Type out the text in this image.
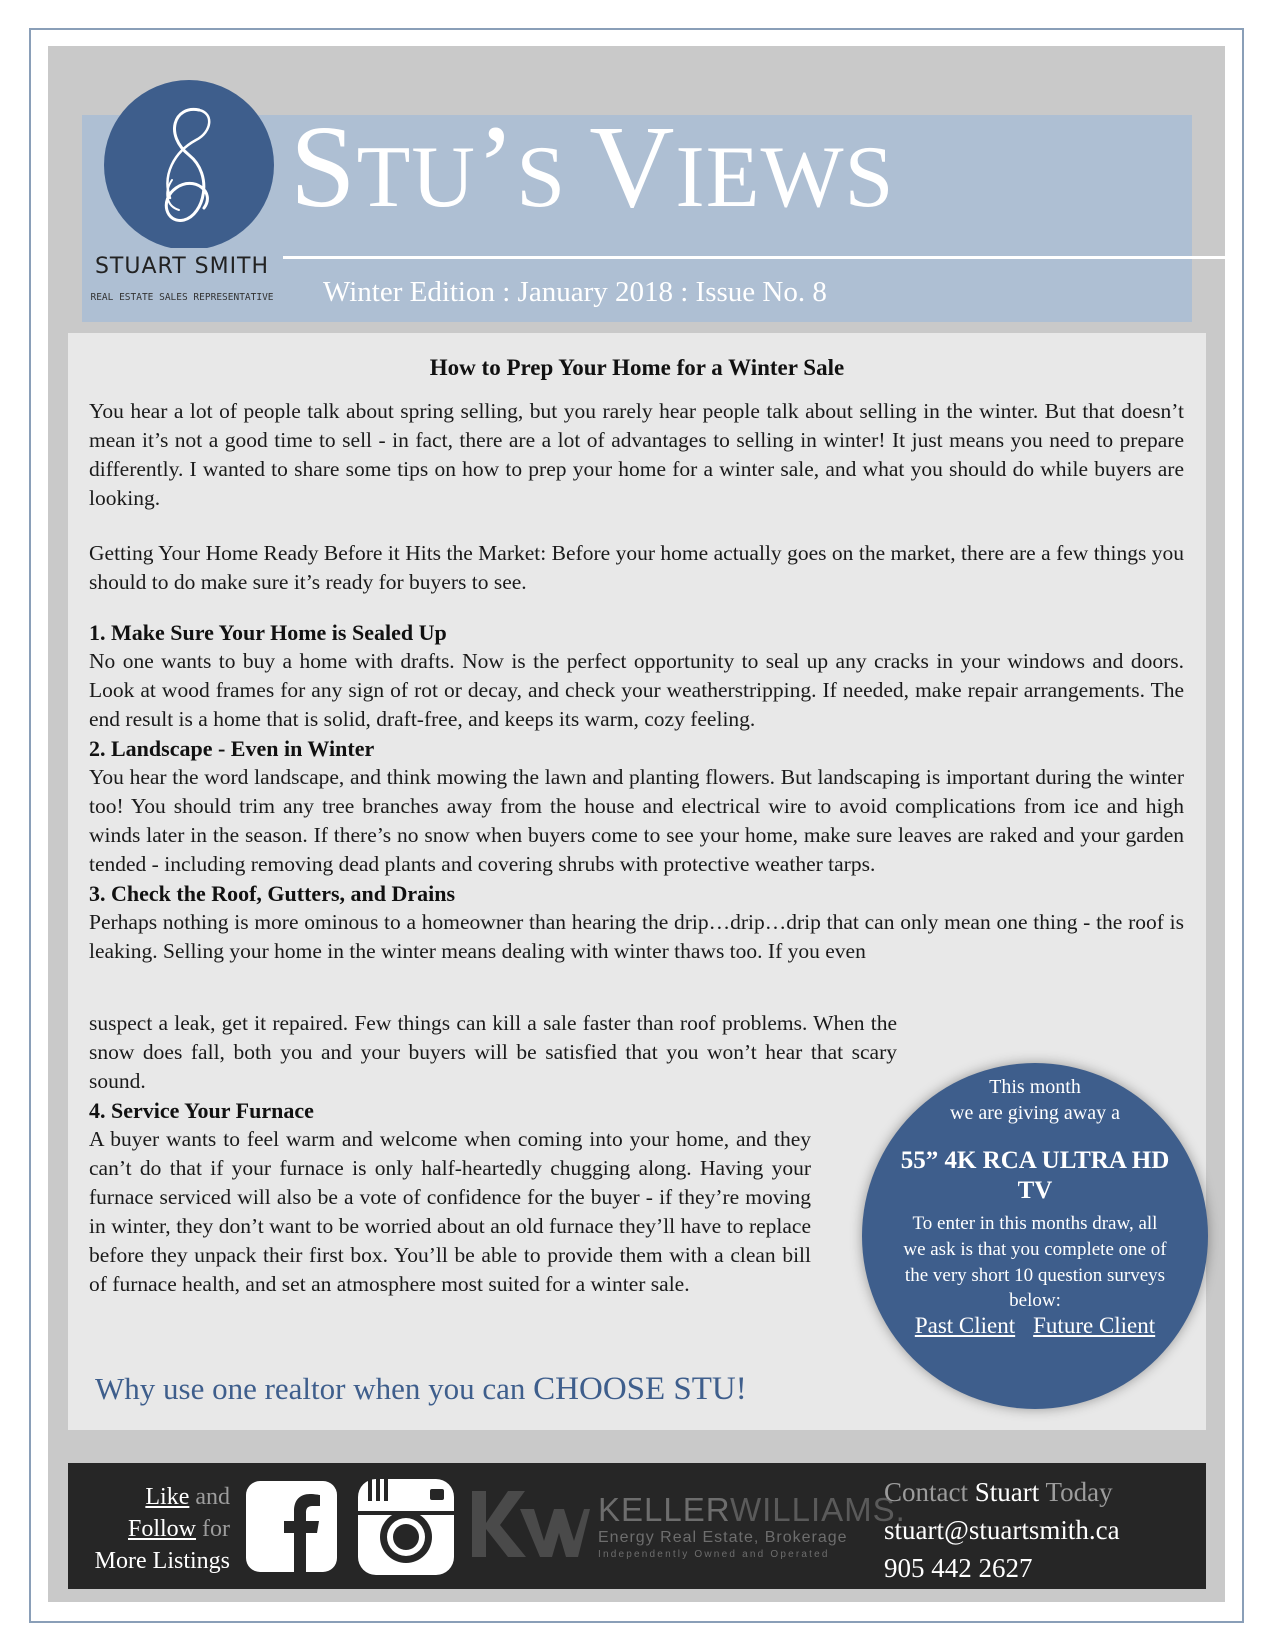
STUART SMITH
REAL ESTATE SALES REPRESENTATIVE
STU’S VIEWS
Winter Edition : January 2018 : Issue No. 8
How to Prep Your Home for a Winter Sale

You hear a lot of people talk about spring selling, but you rarely hear people talk about selling in the winter. But that doesn’t mean it’s not a good time to sell - in fact, there are a lot of advantages to selling in winter! It just means you need to prepare differently. I wanted to share some tips on how to prep your home for a winter sale, and what you should do while buyers are looking.

Getting Your Home Ready Before it Hits the Market: Before your home actually goes on the market, there are a few things you should to do make sure it’s ready for buyers to see.

1. Make Sure Your Home is Sealed Up

No one wants to buy a home with drafts. Now is the perfect opportunity to seal up any cracks in your windows and doors. Look at wood frames for any sign of rot or decay, and check your weatherstripping. If needed, make repair arrangements. The end result is a home that is solid, draft-free, and keeps its warm, cozy feeling.

2. Landscape - Even in Winter

You hear the word landscape, and think mowing the lawn and planting flowers. But landscaping is important during the winter too! You should trim any tree branches away from the house and electrical wire to avoid complications from ice and high winds later in the season. If there’s no snow when buyers come to see your home, make sure leaves are raked and your garden tended - including removing dead plants and covering shrubs with protective weather tarps.

3. Check the Roof, Gutters, and Drains

Perhaps nothing is more ominous to a homeowner than hearing the drip…drip…drip that can only mean one thing - the roof is leaking. Selling your home in the winter means dealing with winter thaws too. If you even

suspect a leak, get it repaired. Few things can kill a sale faster than roof problems. When the snow does fall, both you and your buyers will be satisfied that you won’t hear that scary sound.

4. Service Your Furnace

A buyer wants to feel warm and welcome when coming into your home, and they can’t do that if your furnace is only half-heartedly chugging along. Having your furnace serviced will also be a vote of confidence for the buyer - if they’re moving in winter, they don’t want to be worried about an old furnace they’ll have to replace before they unpack their first box. You’ll be able to provide them with a clean bill of furnace health, and set an atmosphere most suited for a winter sale.

Why use one realtor when you can CHOOSE STU!
This month
we are giving away a
55” 4K RCA ULTRA HD
TV
To enter in this months draw, all
we ask is that you complete one of
the very short 10 question surveys
below:
Past Client Future Client
Like and
Follow for
More Listings
KELLERWILLIAMS.
Energy Real Estate, Brokerage
Independently Owned and Operated
Contact Stuart Today
stuart@stuartsmith.ca
905 442 2627
